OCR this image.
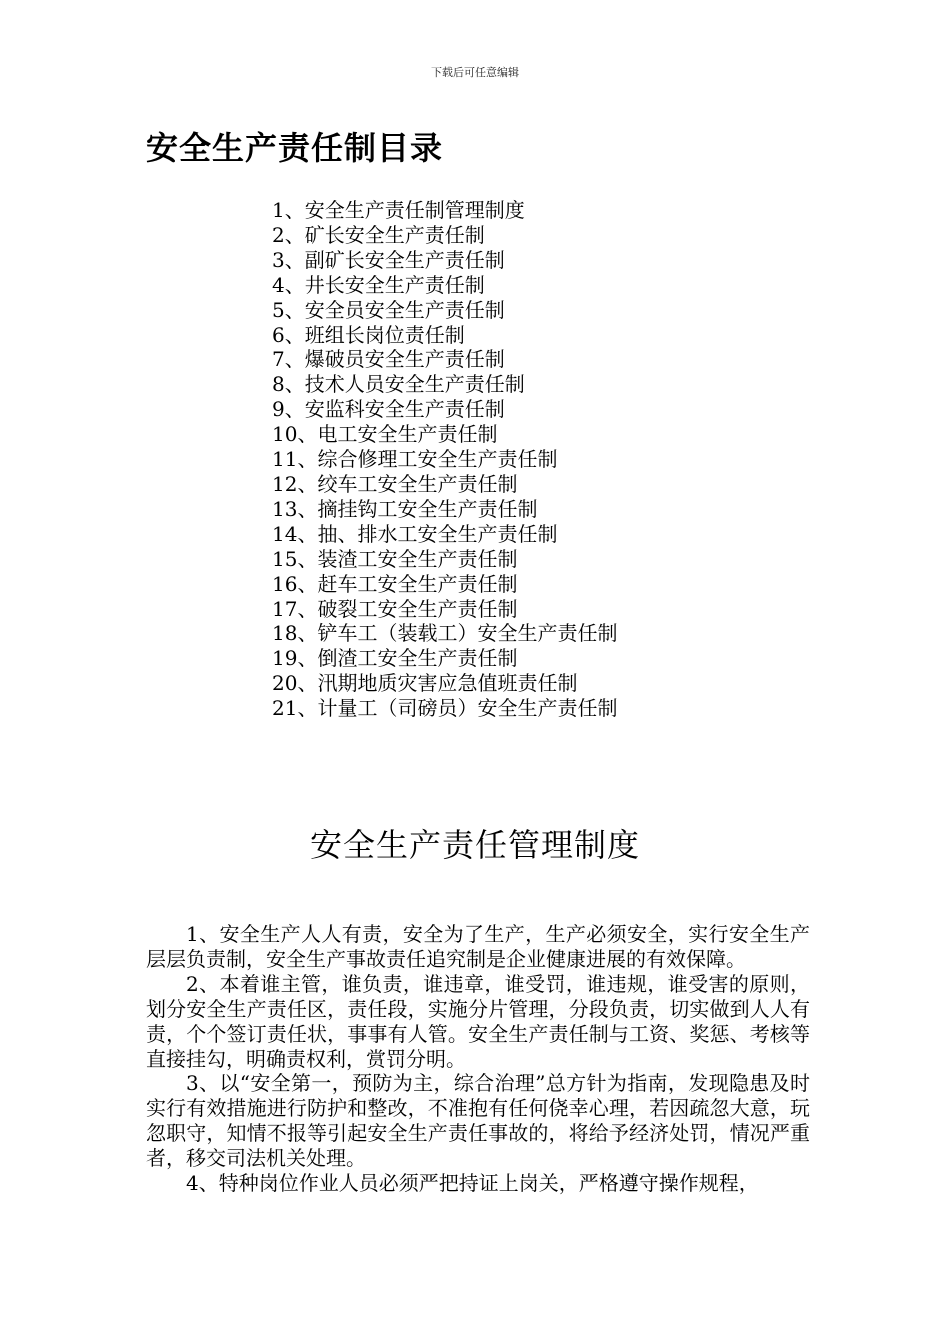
下载后可任意编辑
安全生产责任制目录
1、安全生产责任制管理制度
2、矿长安全生产责任制
3、副矿长安全生产责任制
4、井长安全生产责任制
5、安全员安全生产责任制
6、班组长岗位责任制
7、爆破员安全生产责任制
8、技术人员安全生产责任制
9、安监科安全生产责任制
10、电工安全生产责任制
11、综合修理工安全生产责任制
12、绞车工安全生产责任制
13、摘挂钩工安全生产责任制
14、抽、排水工安全生产责任制
15、装渣工安全生产责任制
16、赶车工安全生产责任制
17、破裂工安全生产责任制
18、铲车工（装载工）安全生产责任制
19、倒渣工安全生产责任制
20、汛期地质灾害应急值班责任制
21、计量工（司磅员）安全生产责任制
安全生产责任管理制度

1、安全生产人人有责，安全为了生产，生产必须安全，实行安全生产层层负责制，安全生产事故责任追究制是企业健康进展的有效保障。

2、本着谁主管，谁负责，谁违章，谁受罚，谁违规，谁受害的原则，划分安全生产责任区，责任段，实施分片管理，分段负责，切实做到人人有责，个个签订责任状，事事有人管。安全生产责任制与工资、奖惩、考核等直接挂勾，明确责权利，赏罚分明。

3、以“安全第一，预防为主，综合治理”总方针为指南，发现隐患及时实行有效措施进行防护和整改，不准抱有任何侥幸心理，若因疏忽大意，玩忽职守，知情不报等引起安全生产责任事故的，将给予经济处罚，情况严重者，移交司法机关处理。

4、特种岗位作业人员必须严把持证上岗关，严格遵守操作规程，
